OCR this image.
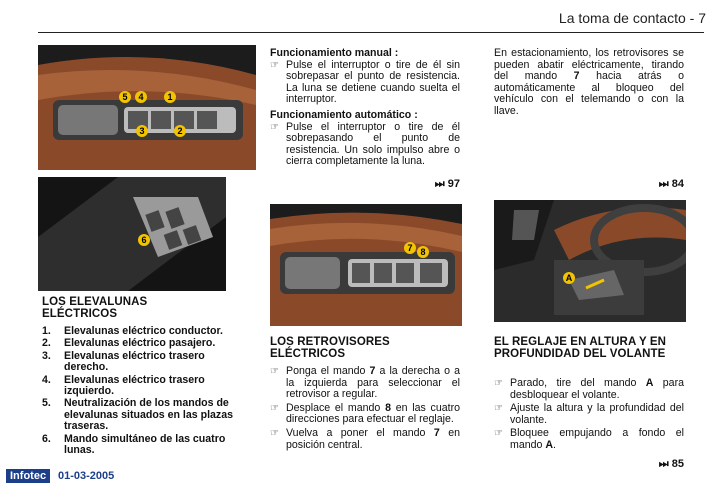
La toma de contacto - 7
5 4	1
2
3
6
LOS ELEVALUNAS ELÉCTRICOS
1.	Elevalunas eléctrico conductor.
2.	Elevalunas eléctrico pasajero.
3.	Elevalunas eléctrico trasero derecho.
4.	Elevalunas eléctrico trasero izquierdo.
5.	Neutralización de los mandos de elevalunas situados en las plazas traseras.
6.	Mando simultáneo de las cuatro lunas.
Funcionamiento manual :
☞ Pulse el interruptor o tire de él sin sobrepasar el punto de resistencia. La luna se detiene cuando suelta el interruptor.
Funcionamiento automático :
☞ Pulse el interruptor o tire de él sobrepasando el punto de resistencia. Un solo impulso abre o cierra completamente la luna.
⏭ 97
7 8
LOS RETROVISORES ELÉCTRICOS
☞ Ponga el mando 7 a la derecha o a la izquierda para seleccionar el retrovisor a regular.
☞ Desplace el mando 8 en las cuatro direcciones para efectuar el reglaje.
☞ Vuelva a poner el mando 7 en posición central.
En estacionamiento, los retrovisores se pueden abatir eléctricamente, tirando del mando 7 hacia atrás o automáticamente al bloqueo del vehículo con el telemando o con la llave.
⏭ 84
A
EL REGLAJE EN ALTURA Y EN PROFUNDIDAD DEL VOLANTE
☞ Parado, tire del mando A para desbloquear el volante.
☞ Ajuste la altura y la profundidad del volante.
☞ Bloquee empujando a fondo el mando A.
⏭ 85
Infotec	01-03-2005
